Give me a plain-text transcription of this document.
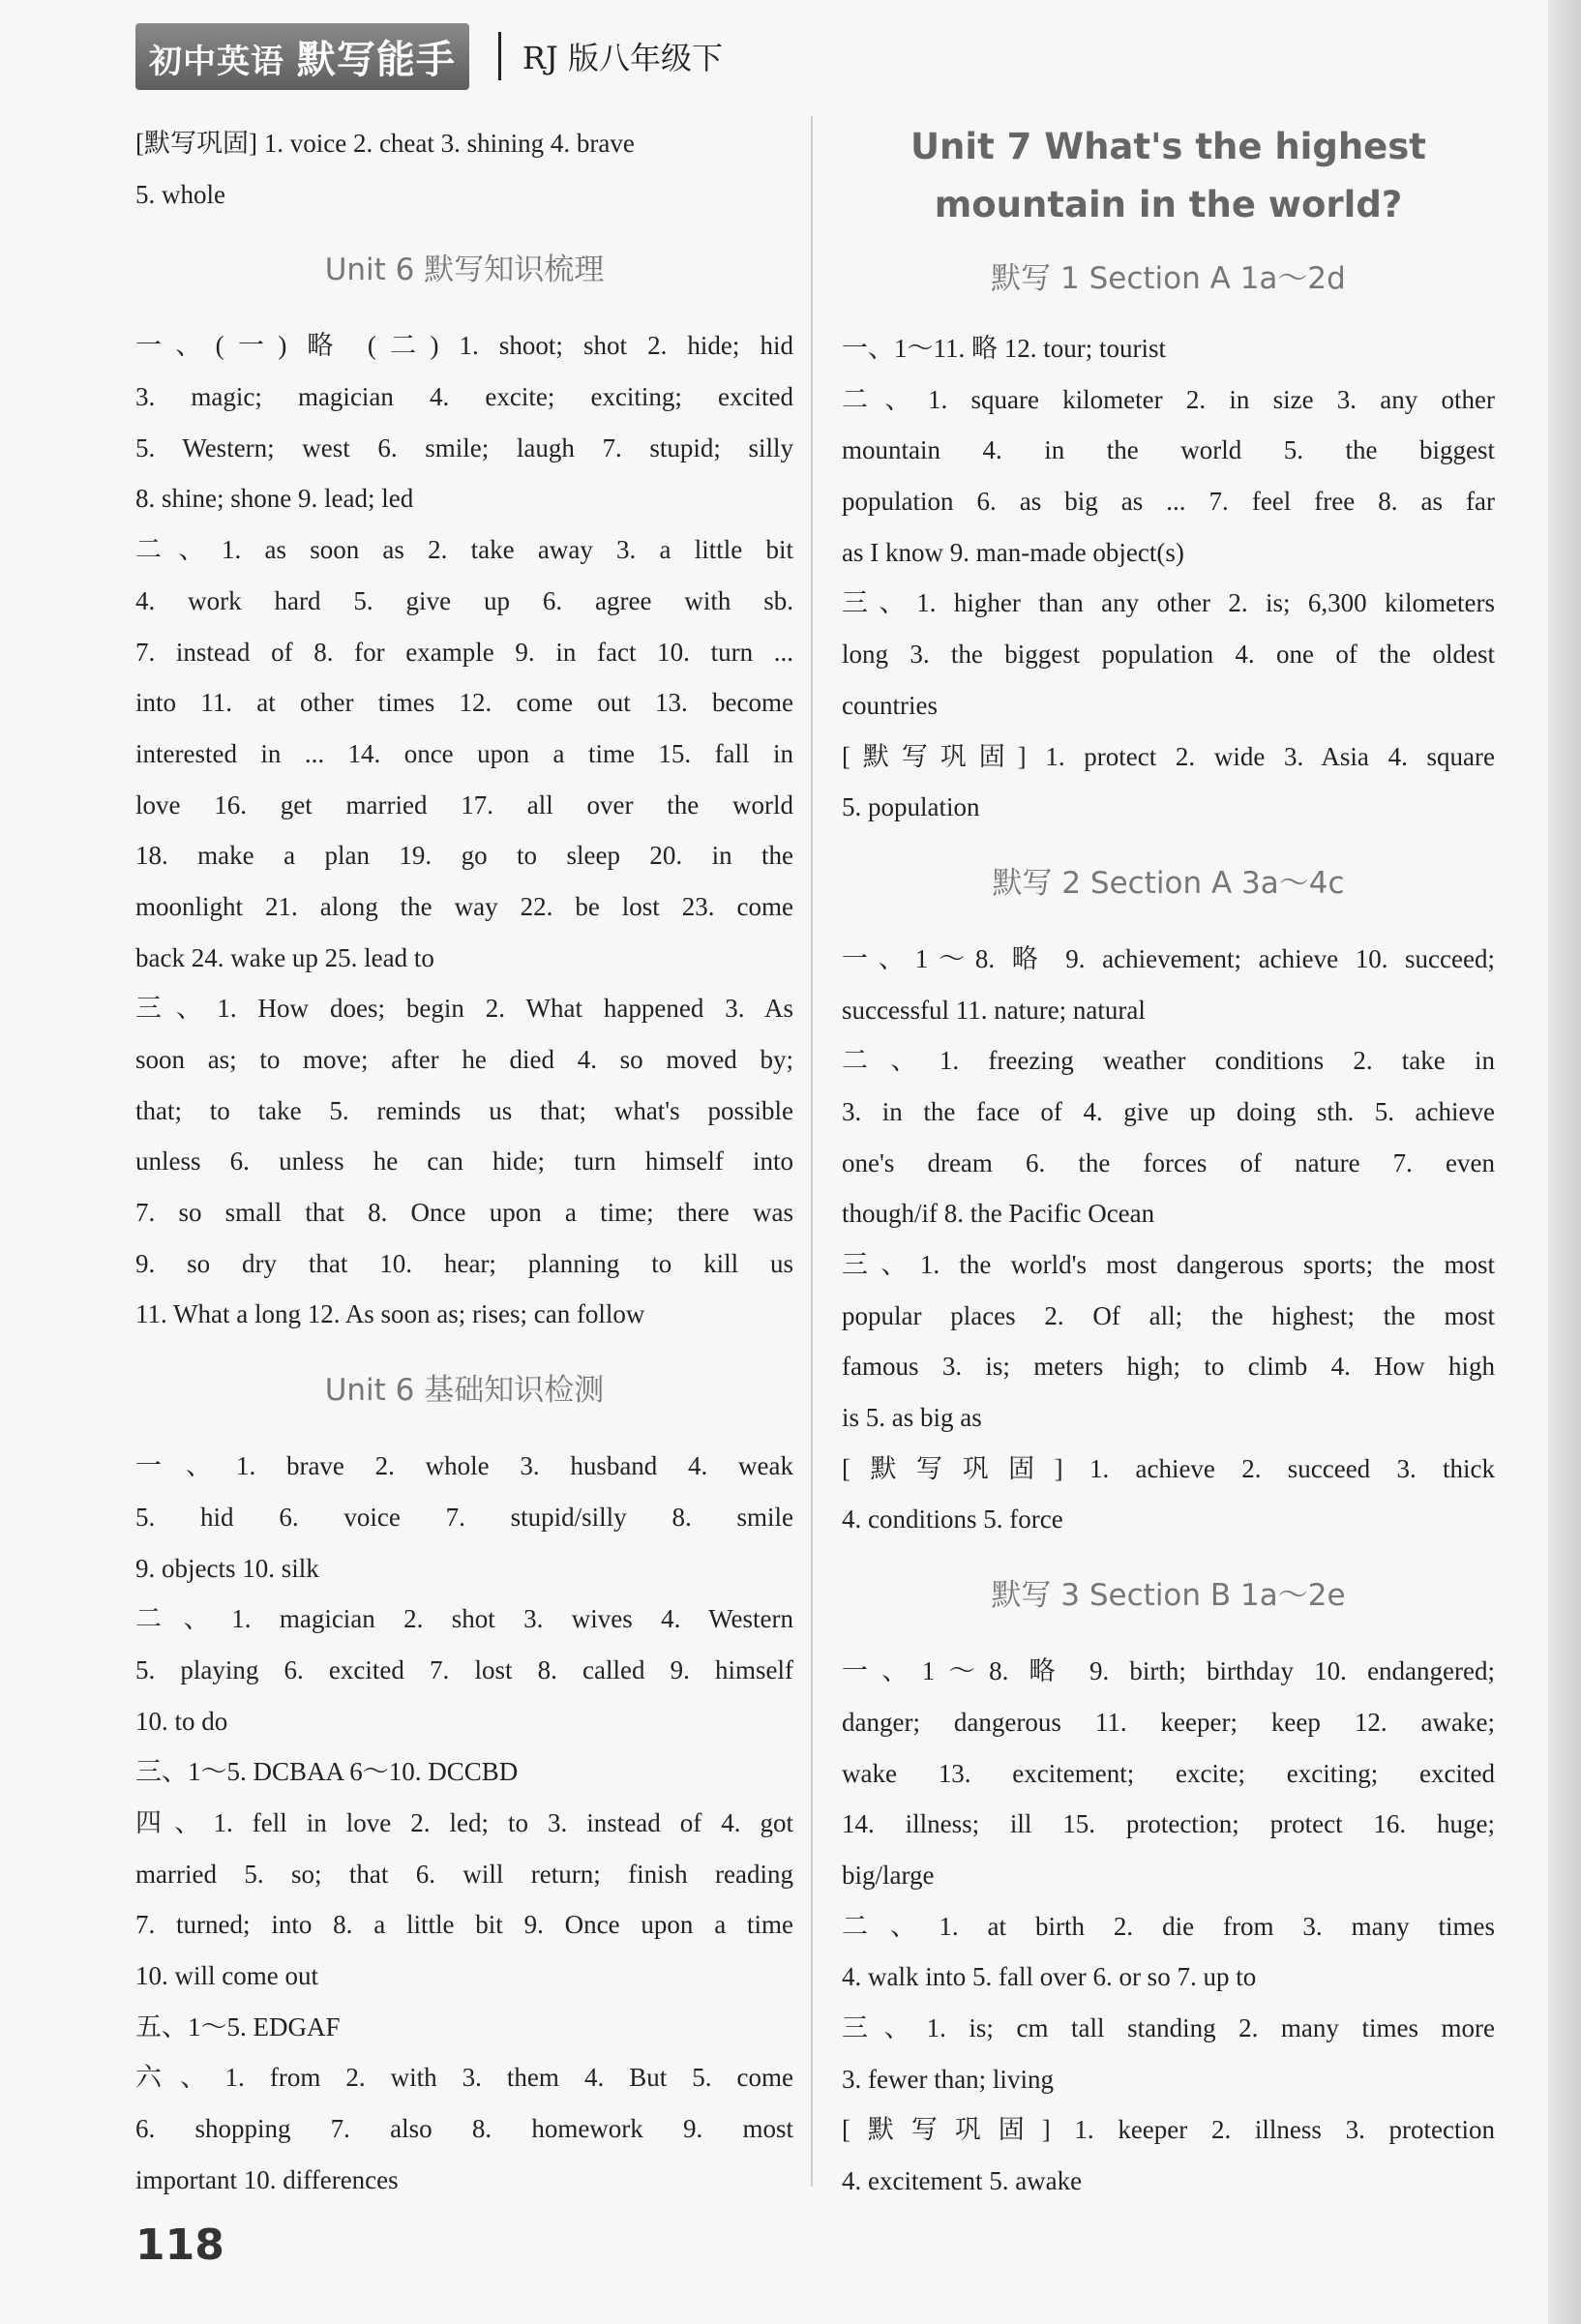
初中英语 默写能手	RJ 版八年级下
[默写巩固] 1. voice 2. cheat 3. shining 4. brave
5. whole
Unit 6 默写知识梳理
一、(一) 略 (二) 1. shoot; shot 2. hide; hid
3. magic; magician 4. excite; exciting; excited
5. Western; west 6. smile; laugh 7. stupid; silly
8. shine; shone 9. lead; led
二、1. as soon as 2. take away 3. a little bit
4. work hard 5. give up 6. agree with sb.
7. instead of 8. for example 9. in fact 10. turn ...
into 11. at other times 12. come out 13. become
interested in ... 14. once upon a time 15. fall in
love 16. get married 17. all over the world
18. make a plan 19. go to sleep 20. in the
moonlight 21. along the way 22. be lost 23. come
back 24. wake up 25. lead to
三、1. How does; begin 2. What happened 3. As
soon as; to move; after he died 4. so moved by;
that; to take 5. reminds us that; what's possible
unless 6. unless he can hide; turn himself into
7. so small that 8. Once upon a time; there was
9. so dry that 10. hear; planning to kill us
11. What a long 12. As soon as; rises; can follow
Unit 6 基础知识检测
一、1. brave 2. whole 3. husband 4. weak
5. hid 6. voice 7. stupid/silly 8. smile
9. objects 10. silk
二、1. magician 2. shot 3. wives 4. Western
5. playing 6. excited 7. lost 8. called 9. himself
10. to do
三、1～5. DCBAA 6～10. DCCBD
四、1. fell in love 2. led; to 3. instead of 4. got
married 5. so; that 6. will return; finish reading
7. turned; into 8. a little bit 9. Once upon a time
10. will come out
五、1～5. EDGAF
六、1. from 2. with 3. them 4. But 5. come
6. shopping 7. also 8. homework 9. most
important 10. differences
Unit 7 What's the highest
mountain in the world?
默写 1 Section A 1a～2d
一、1～11. 略 12. tour; tourist
二、1. square kilometer 2. in size 3. any other
mountain 4. in the world 5. the biggest
population 6. as big as ... 7. feel free 8. as far
as I know 9. man-made object(s)
三、1. higher than any other 2. is; 6,300 kilometers
long 3. the biggest population 4. one of the oldest
countries
[默写巩固] 1. protect 2. wide 3. Asia 4. square
5. population
默写 2 Section A 3a～4c
一、1～8. 略 9. achievement; achieve 10. succeed;
successful 11. nature; natural
二、1. freezing weather conditions 2. take in
3. in the face of 4. give up doing sth. 5. achieve
one's dream 6. the forces of nature 7. even
though/if 8. the Pacific Ocean
三、1. the world's most dangerous sports; the most
popular places 2. Of all; the highest; the most
famous 3. is; meters high; to climb 4. How high
is 5. as big as
[默写巩固] 1. achieve 2. succeed 3. thick
4. conditions 5. force
默写 3 Section B 1a～2e
一、1～8. 略 9. birth; birthday 10. endangered;
danger; dangerous 11. keeper; keep 12. awake;
wake 13. excitement; excite; exciting; excited
14. illness; ill 15. protection; protect 16. huge;
big/large
二、1. at birth 2. die from 3. many times
4. walk into 5. fall over 6. or so 7. up to
三、1. is; cm tall standing 2. many times more
3. fewer than; living
[默写巩固] 1. keeper 2. illness 3. protection
4. excitement 5. awake
118
